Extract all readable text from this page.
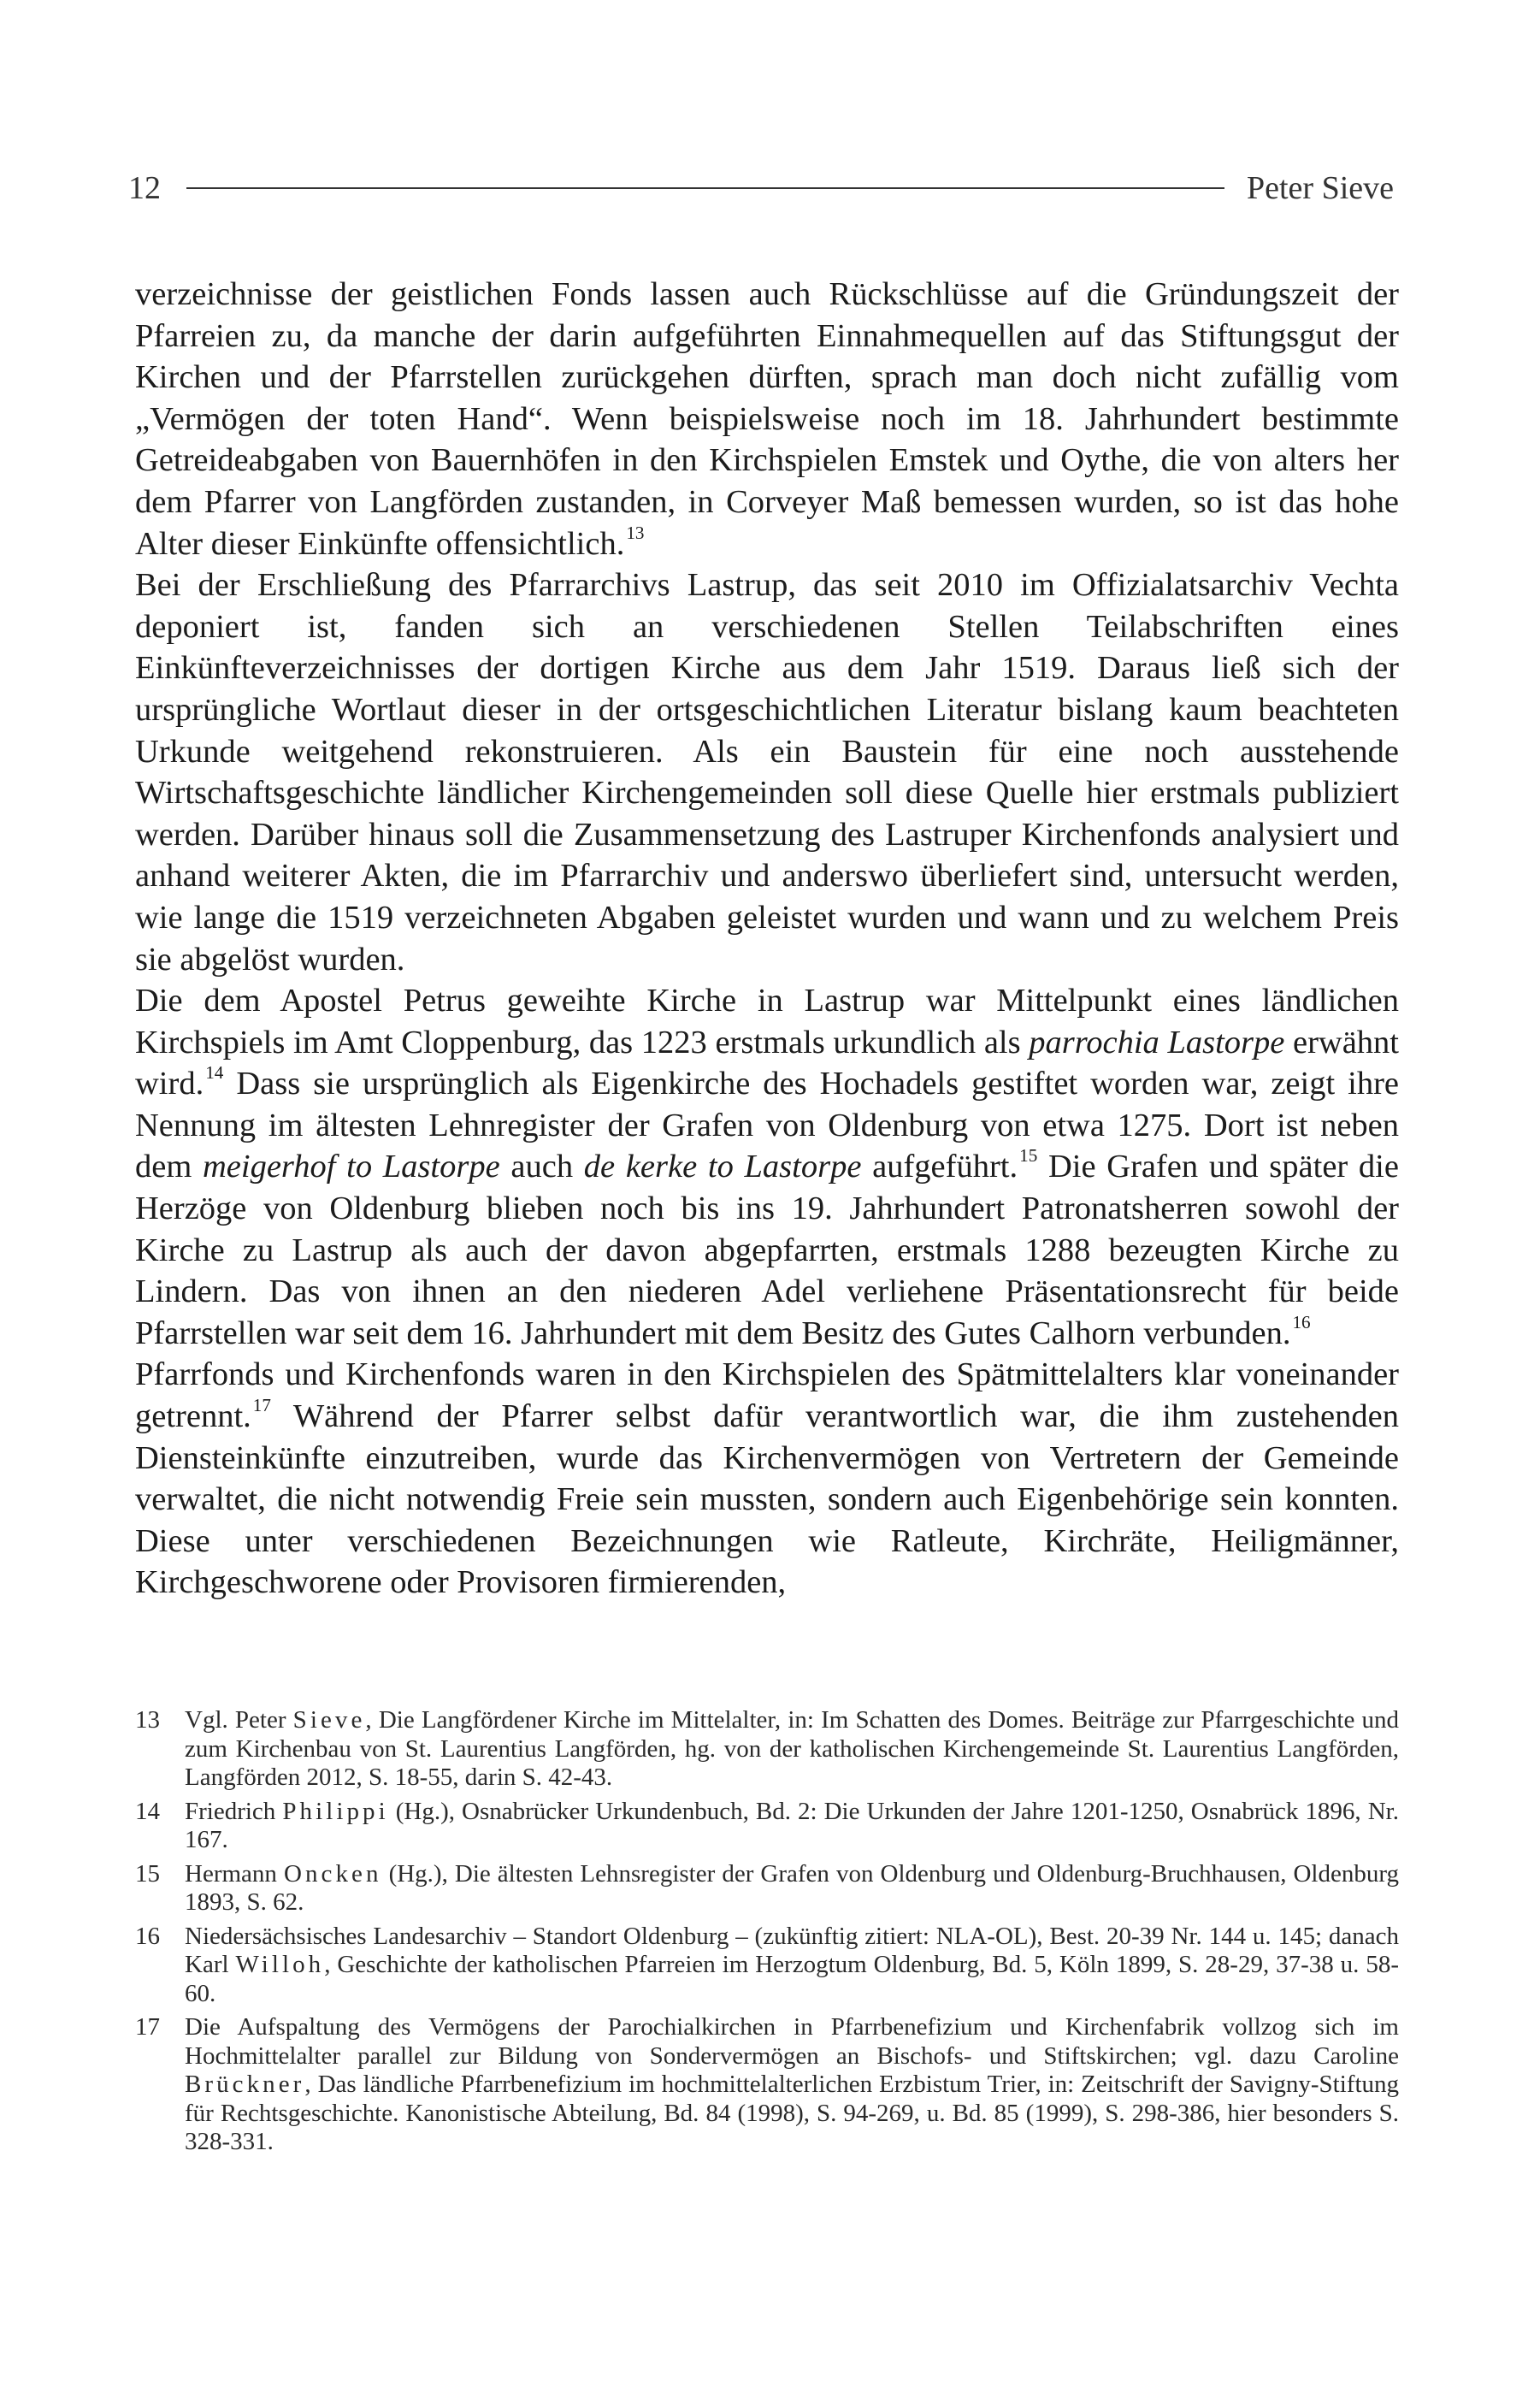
12	Peter Sieve

verzeichnisse der geistlichen Fonds lassen auch Rückschlüsse auf die Gründungszeit der Pfarreien zu, da manche der darin aufgeführten Einnahmequellen auf das Stiftungsgut der Kirchen und der Pfarrstellen zurückgehen dürften, sprach man doch nicht zufällig vom „Vermögen der toten Hand“. Wenn beispielsweise noch im 18. Jahrhundert bestimmte Getreideabgaben von Bauernhöfen in den Kirchspielen Emstek und Oythe, die von alters her dem Pfarrer von Langförden zustanden, in Corveyer Maß bemessen wurden, so ist das hohe Alter dieser Einkünfte offensichtlich.$^{13}$

Bei der Erschließung des Pfarrarchivs Lastrup, das seit 2010 im Offizialatsarchiv Vechta deponiert ist, fanden sich an verschiedenen Stellen Teilabschriften eines Einkünfteverzeichnisses der dortigen Kirche aus dem Jahr 1519. Daraus ließ sich der ursprüngliche Wortlaut dieser in der ortsgeschichtlichen Literatur bislang kaum beachteten Urkunde weitgehend rekonstruieren. Als ein Baustein für eine noch ausstehende Wirtschaftsgeschichte ländlicher Kirchengemeinden soll diese Quelle hier erstmals publiziert werden. Darüber hinaus soll die Zusammensetzung des Lastruper Kirchenfonds analysiert und anhand weiterer Akten, die im Pfarrarchiv und anderswo überliefert sind, untersucht werden, wie lange die 1519 verzeichneten Abgaben geleistet wurden und wann und zu welchem Preis sie abgelöst wurden.

Die dem Apostel Petrus geweihte Kirche in Lastrup war Mittelpunkt eines ländlichen Kirchspiels im Amt Cloppenburg, das 1223 erstmals urkundlich als parrochia Lastorpe erwähnt wird.$^{14}$ Dass sie ursprünglich als Eigenkirche des Hochadels gestiftet worden war, zeigt ihre Nennung im ältesten Lehnregister der Grafen von Oldenburg von etwa 1275. Dort ist neben dem meigerhof to Lastorpe auch de kerke to Lastorpe aufgeführt.$^{15}$ Die Grafen und später die Herzöge von Oldenburg blieben noch bis ins 19. Jahrhundert Patronatsherren sowohl der Kirche zu Lastrup als auch der davon abgepfarrten, erstmals 1288 bezeugten Kirche zu Lindern. Das von ihnen an den niederen Adel verliehene Präsentationsrecht für beide Pfarrstellen war seit dem 16. Jahrhundert mit dem Besitz des Gutes Calhorn verbunden.$^{16}$

Pfarrfonds und Kirchenfonds waren in den Kirchspielen des Spätmittelalters klar voneinander getrennt.$^{17}$ Während der Pfarrer selbst dafür verantwortlich war, die ihm zustehenden Diensteinkünfte einzutreiben, wurde das Kirchenvermögen von Vertretern der Gemeinde verwaltet, die nicht notwendig Freie sein mussten, sondern auch Eigenbehörige sein konnten. Diese unter verschiedenen Bezeichnungen wie Ratleute, Kirchräte, Heiligmänner, Kirchgeschworene oder Provisoren firmierenden,

13	Vgl. Peter Sieve, Die Langfördener Kirche im Mittelalter, in: Im Schatten des Domes. Beiträge zur Pfarrgeschichte und zum Kirchenbau von St. Laurentius Langförden, hg. von der katholischen Kirchengemeinde St. Laurentius Langförden, Langförden 2012, S. 18-55, darin S. 42-43.
14	Friedrich Philippi (Hg.), Osnabrücker Urkundenbuch, Bd. 2: Die Urkunden der Jahre 1201-1250, Osnabrück 1896, Nr. 167.
15	Hermann Oncken (Hg.), Die ältesten Lehnsregister der Grafen von Oldenburg und Oldenburg-Bruchhausen, Oldenburg 1893, S. 62.
16	Niedersächsisches Landesarchiv – Standort Oldenburg – (zukünftig zitiert: NLA-OL), Best. 20-39 Nr. 144 u. 145; danach Karl Willoh, Geschichte der katholischen Pfarreien im Herzogtum Oldenburg, Bd. 5, Köln 1899, S. 28-29, 37-38 u. 58-60.
17	Die Aufspaltung des Vermögens der Parochialkirchen in Pfarrbenefizium und Kirchenfabrik vollzog sich im Hochmittelalter parallel zur Bildung von Sondervermögen an Bischofs- und Stiftskirchen; vgl. dazu Caroline Brückner, Das ländliche Pfarrbenefizium im hochmittelalterlichen Erzbistum Trier, in: Zeitschrift der Savigny-Stiftung für Rechtsgeschichte. Kanonistische Abteilung, Bd. 84 (1998), S. 94-269, u. Bd. 85 (1999), S. 298-386, hier besonders S. 328-331.
